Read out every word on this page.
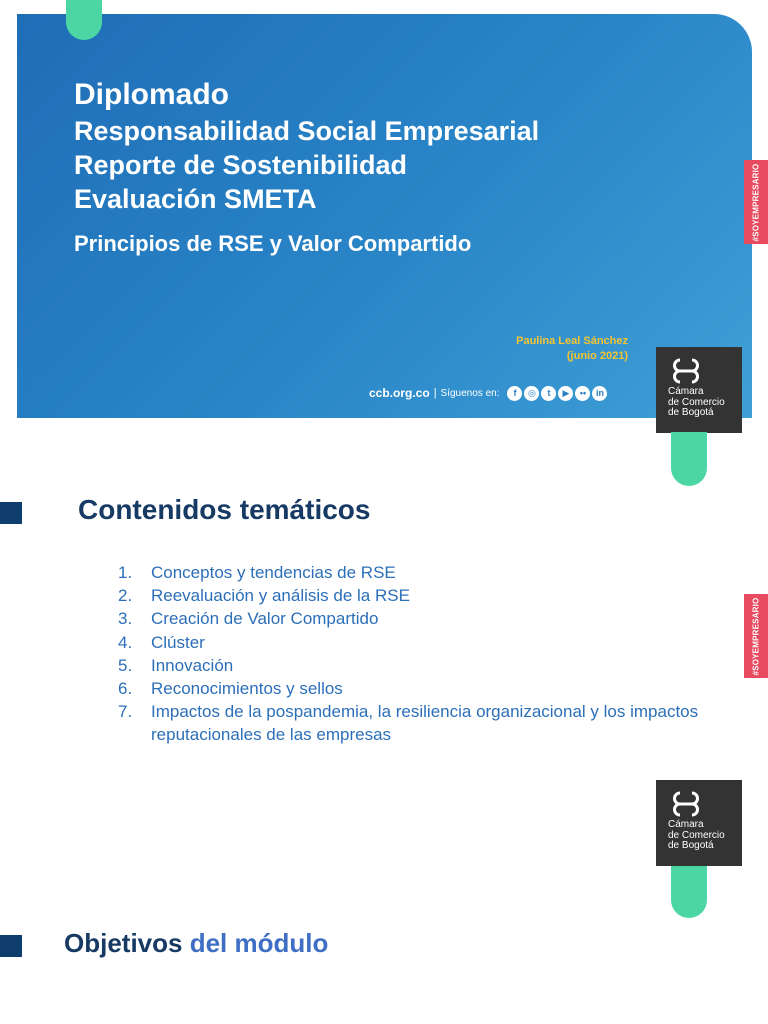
Diplomado
Responsabilidad Social Empresarial
Reporte de Sostenibilidad
Evaluación SMETA
Principios de RSE y Valor Compartido
Paulina Leal Sánchez
(junio 2021)
ccb.org.co | Síguenos en:	f	◎	t	▶	••	in
#SOYEMPRESARIO
Cámara
de Comercio
de Bogotá
Contenidos temáticos
1.	Conceptos y tendencias de RSE
2.	Reevaluación y análisis de la RSE
3.	Creación de Valor Compartido
4.	Clúster
5.	Innovación
6.	Reconocimientos y sellos
7.	Impactos de la pospandemia, la resiliencia organizacional y los impactos reputacionales de las empresas
#SOYEMPRESARIO
Cámara
de Comercio
de Bogotá
Objetivos del módulo
